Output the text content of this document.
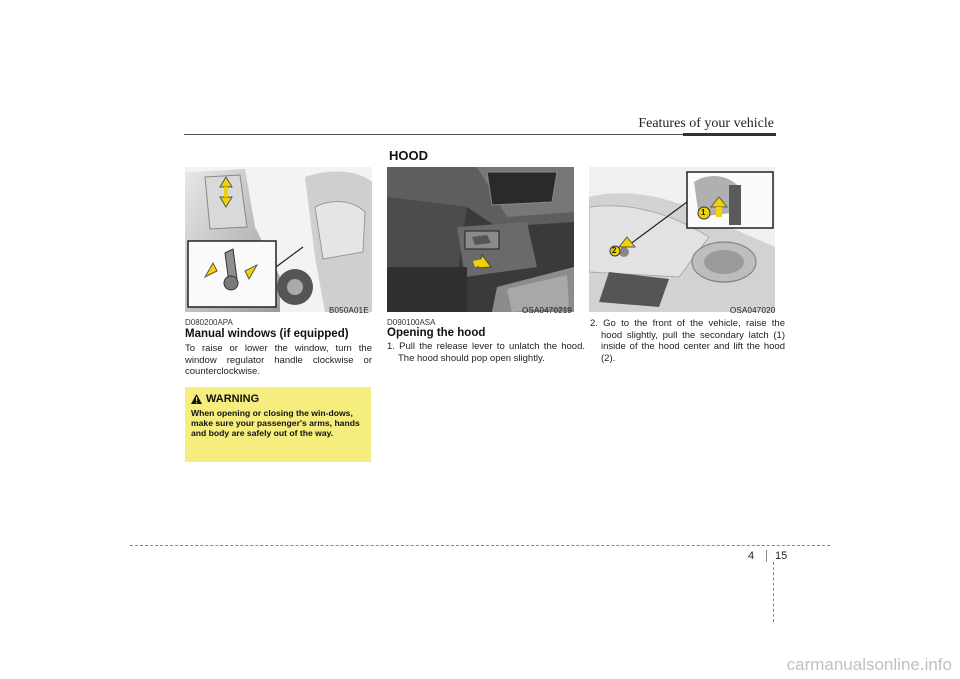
Features of your vehicle
HOOD
B050A01E
D080200APA
Manual windows (if equipped)
To raise or lower the window, turn the window regulator handle clockwise or counterclockwise.
WARNING
When opening or closing the win-dows, make sure your passenger's arms, hands and body are safely out of the way.
OSA0470219
D090100ASA
Opening the hood
1. Pull the release lever to unlatch the hood. The hood should pop open slightly.
1
2
OSA047020
2. Go to the front of the vehicle, raise the hood slightly, pull the secondary latch (1) inside of the hood center and lift the hood (2).
4 15
carmanualsonline.info
